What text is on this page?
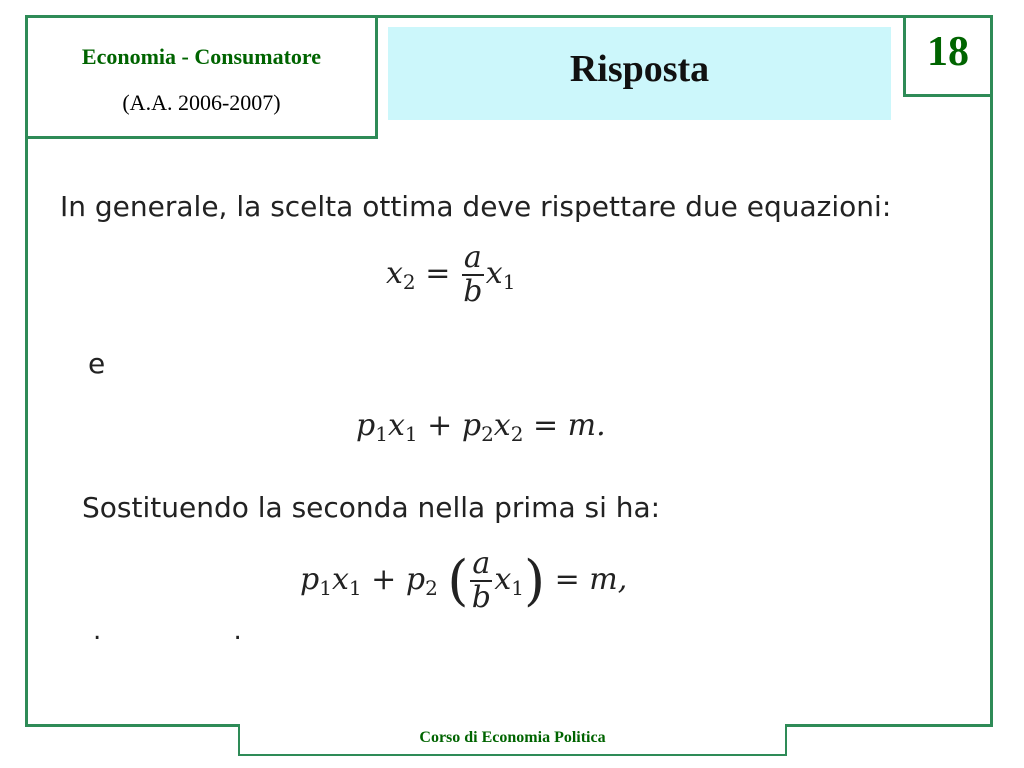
Economia - Consumatore
(A.A. 2006-2007)
Risposta	18
In generale, la scelta ottima deve rispettare due equazioni:
$x_2 = \frac{a}{b} x_1$
e
$p_1x_1 + p_2x_2 = m$.
Sostituendo la seconda nella prima si ha:
$p_1x_1 + p_2$ ( $\frac{a}{b} x_1) = m$,
. .
Corso di Economia Politica
